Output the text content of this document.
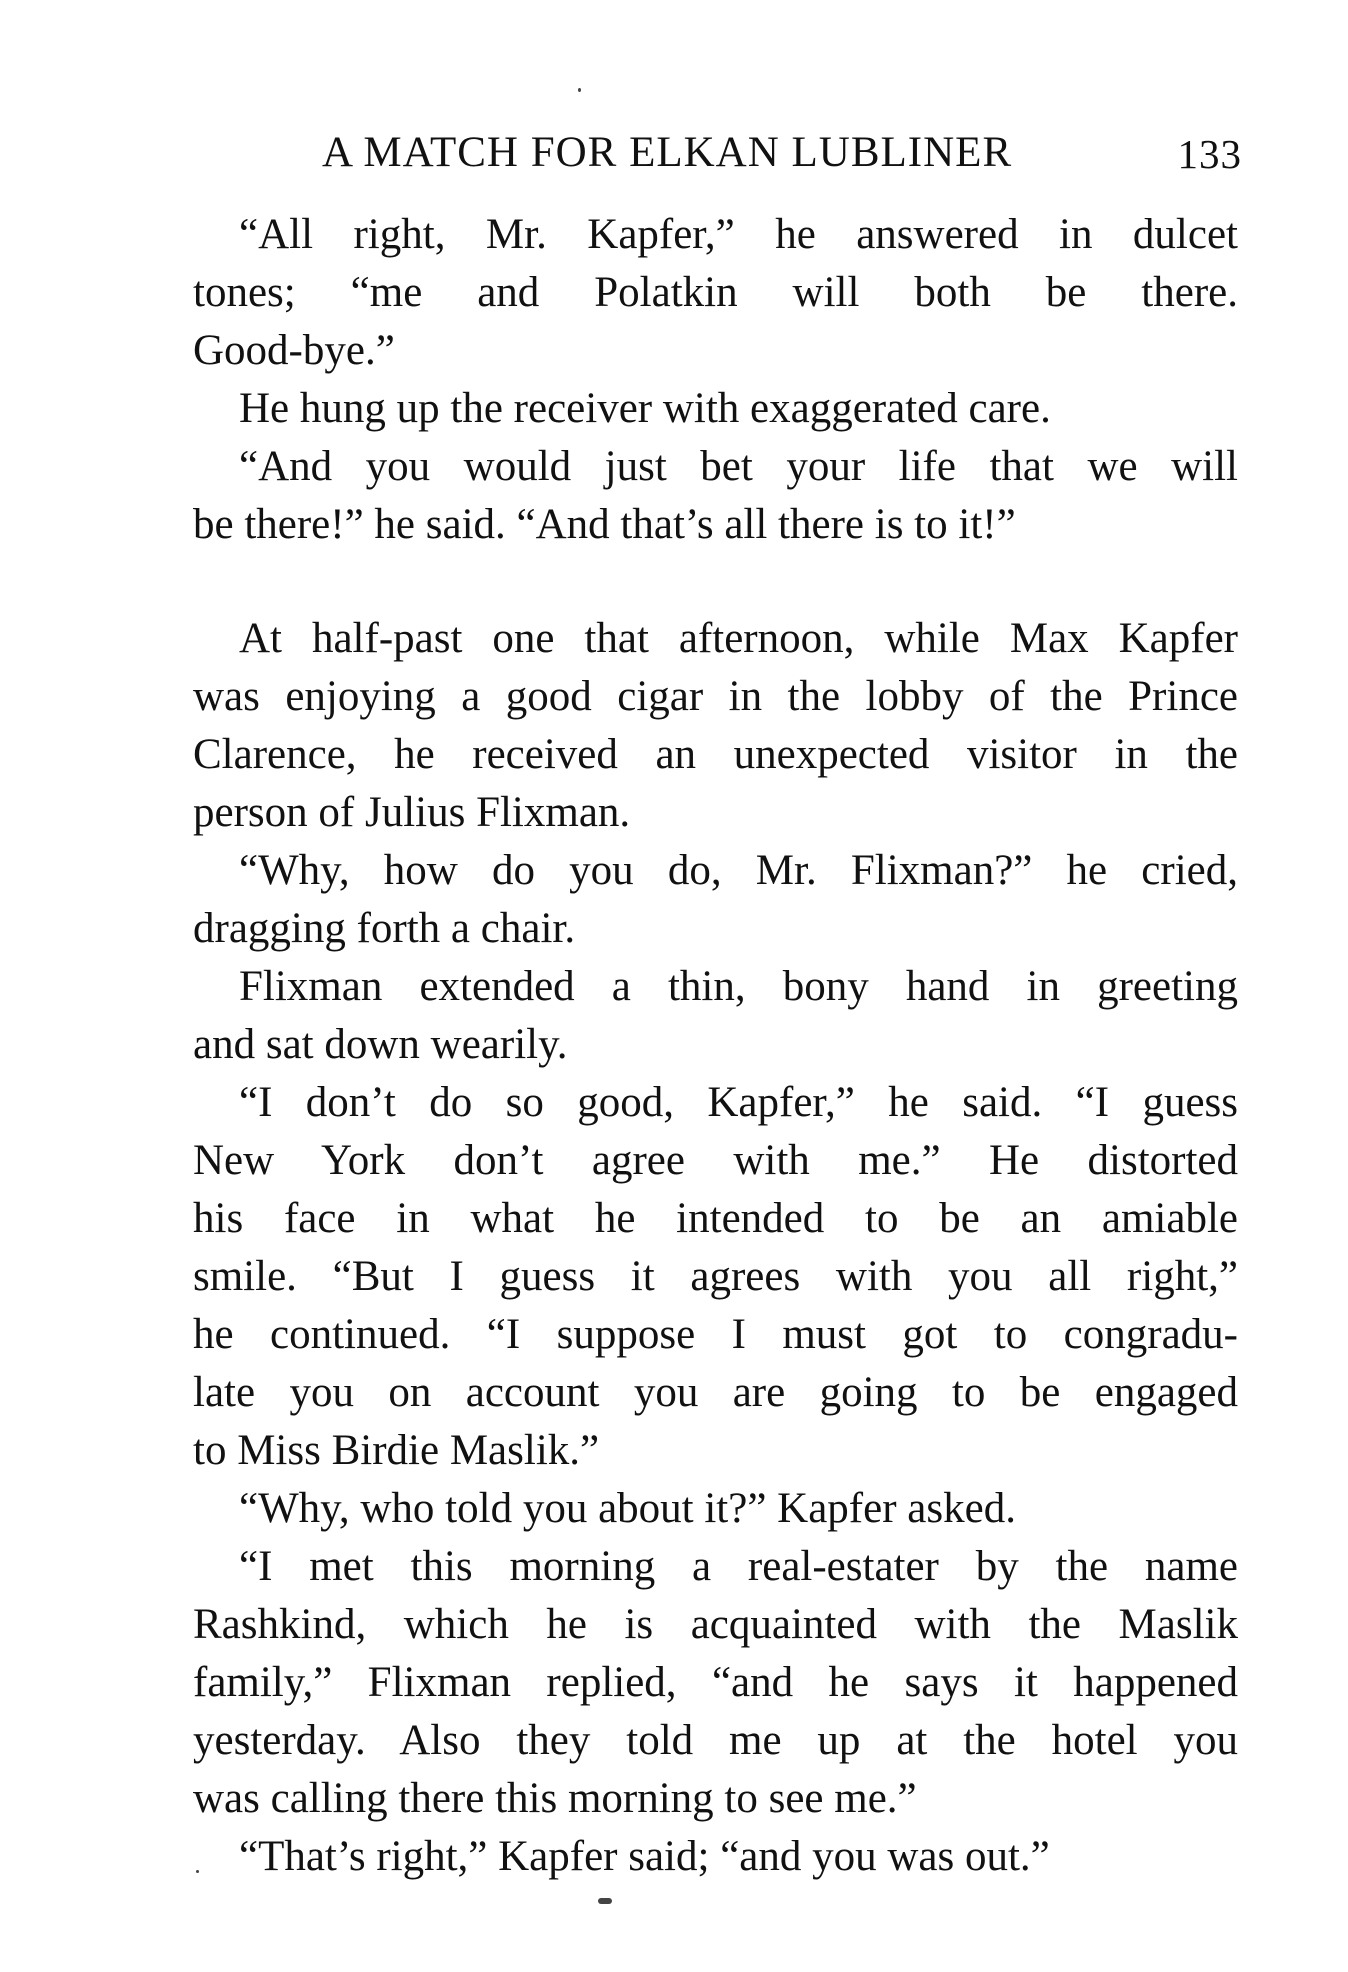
A MATCH FOR ELKAN LUBLINER	133
“All right, Mr. Kapfer,” he answered in dulcet
tones; “me and Polatkin will both be there.
Good-bye.”
He hung up the receiver with exaggerated care.
“And you would just bet your life that we will
be there!” he said. “And that’s all there is to it!”
At half-past one that afternoon, while Max Kapfer
was enjoying a good cigar in the lobby of the Prince
Clarence, he received an unexpected visitor in the
person of Julius Flixman.
“Why, how do you do, Mr. Flixman?” he cried,
dragging forth a chair.
Flixman extended a thin, bony hand in greeting
and sat down wearily.
“I don’t do so good, Kapfer,” he said. “I guess
New York don’t agree with me.” He distorted
his face in what he intended to be an amiable
smile. “But I guess it agrees with you all right,”
he continued. “I suppose I must got to congradu-
late you on account you are going to be engaged
to Miss Birdie Maslik.”
“Why, who told you about it?” Kapfer asked.
“I met this morning a real-estater by the name
Rashkind, which he is acquainted with the Maslik
family,” Flixman replied, “and he says it happened
yesterday. Also they told me up at the hotel you
was calling there this morning to see me.”
“That’s right,” Kapfer said; “and you was out.”
